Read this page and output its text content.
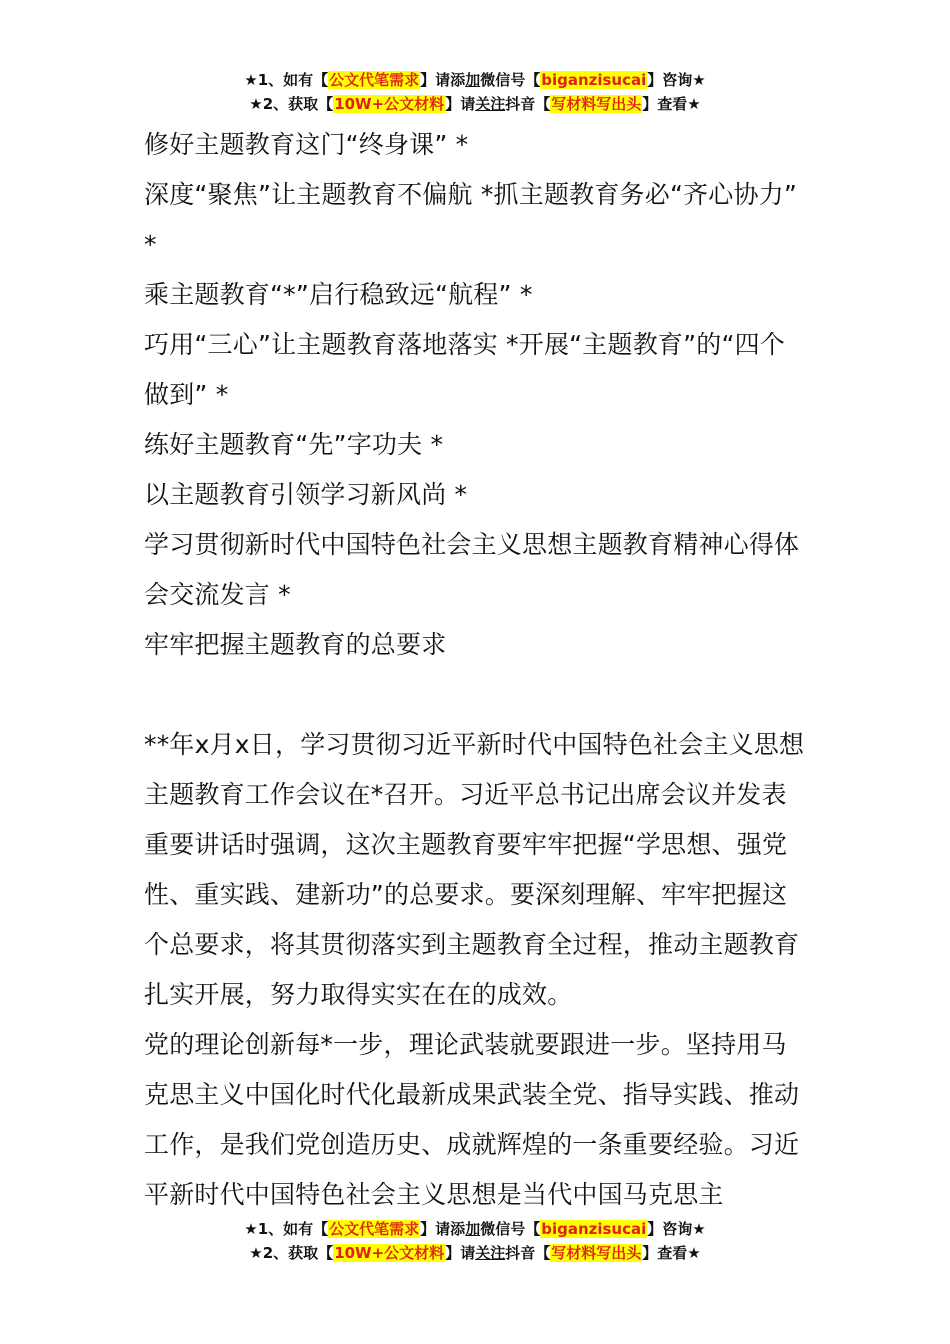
★1、如有【公文代笔需求】请添加微信号【biganzisucai】咨询★
★2、获取【10W+公文材料】请关注抖音【写材料写出头】查看★

修好主题教育这门“终身课” *

深度“聚焦”让主题教育不偏航 *抓主题教育务必“齐心协力” *

乘主题教育“*”启行稳致远“航程” *

巧用“三心”让主题教育落地落实 *开展“主题教育”的“四个做到” *

练好主题教育“先”字功夫 *

以主题教育引领学习新风尚 *

学习贯彻新时代中国特色社会主义思想主题教育精神心得体会交流发言 *

牢牢把握主题教育的总要求

**年x月x日，学习贯彻习近平新时代中国特色社会主义思想主题教育工作会议在*召开。习近平总书记出席会议并发表重要讲话时强调，这次主题教育要牢牢把握“学思想、强党性、重实践、建新功”的总要求。要深刻理解、牢牢把握这个总要求，将其贯彻落实到主题教育全过程，推动主题教育扎实开展，努力取得实实在在的成效。

党的理论创新每*一步，理论武装就要跟进一步。坚持用马克思主义中国化时代化最新成果武装全党、指导实践、推动工作，是我们党创造历史、成就辉煌的一条重要经验。习近平新时代中国特色社会主义思想是当代中国马克思主

★1、如有【公文代笔需求】请添加微信号【biganzisucai】咨询★
★2、获取【10W+公文材料】请关注抖音【写材料写出头】查看★
